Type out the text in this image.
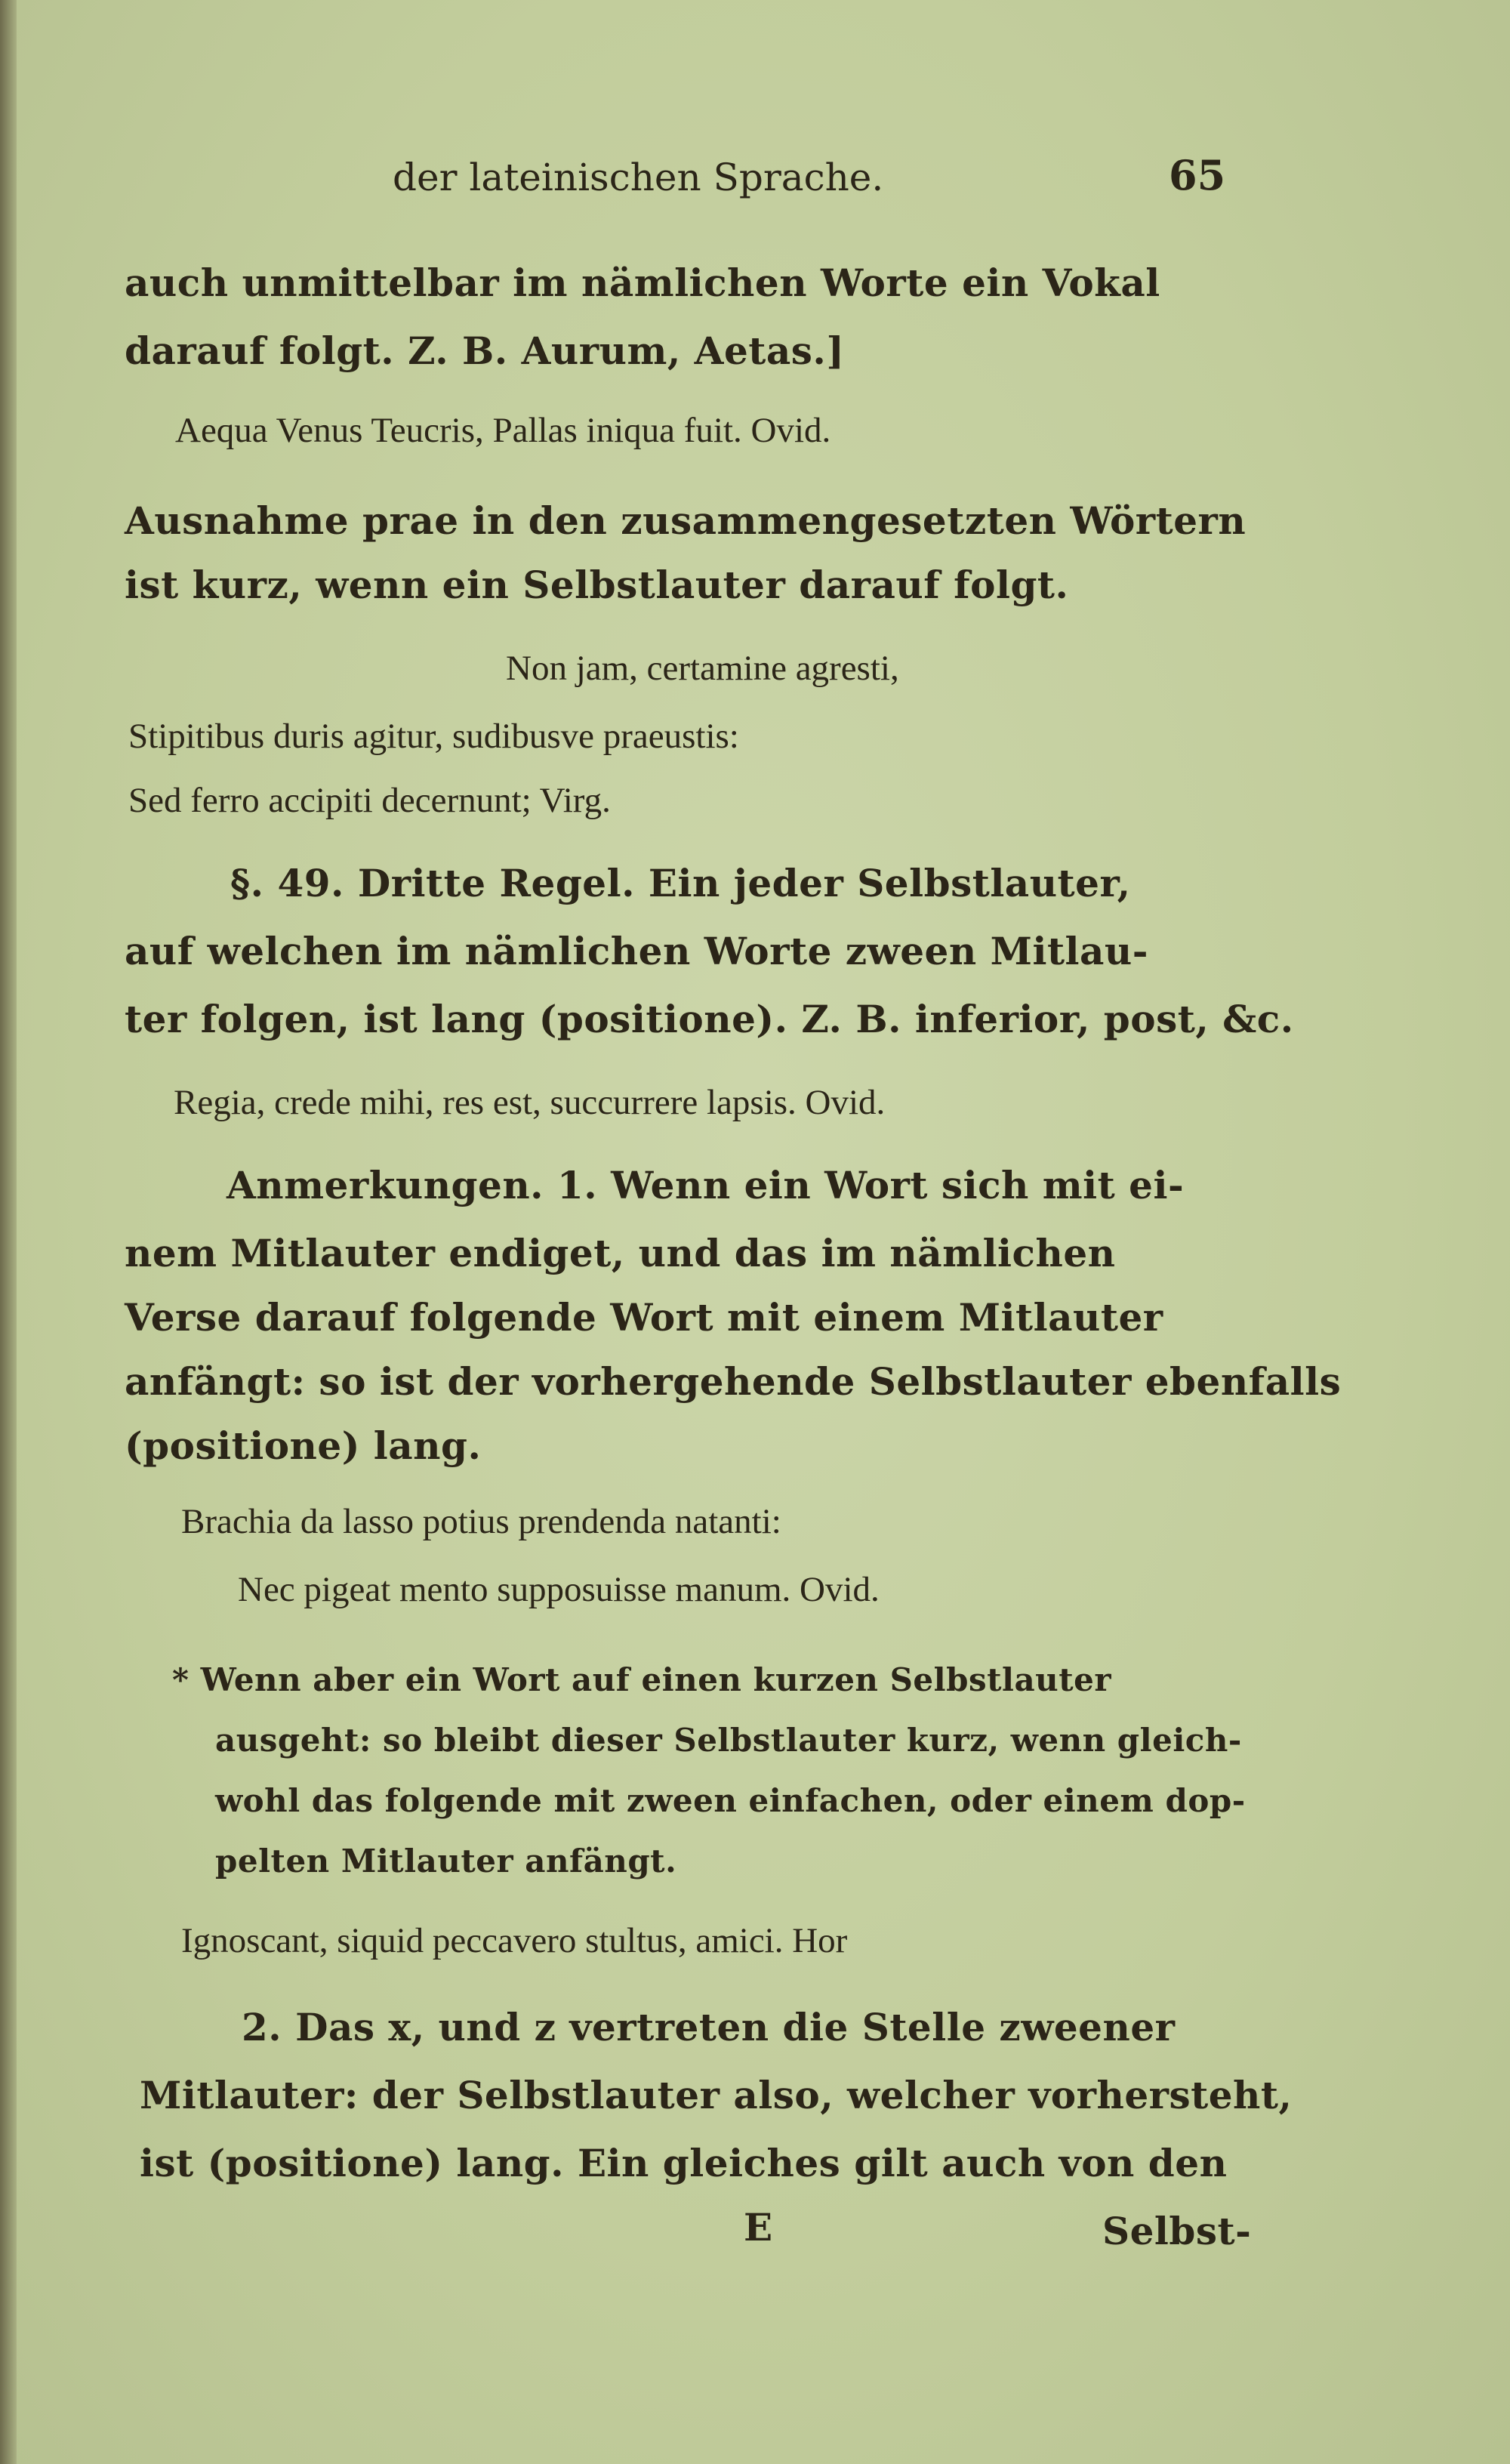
der lateinischen Sprache.	65
auch unmittelbar im nämlichen Worte ein Vokal
darauf folgt. Z. B. Aurum, Aetas.]
Aequa Venus Teucris, Pallas iniqua fuit. Ovid.
Ausnahme prae in den zusammengesetzten Wörtern
ist kurz, wenn ein Selbstlauter darauf folgt.
Non jam, certamine agresti,
Stipitibus duris agitur, sudibusve praeustis:
Sed ferro accipiti decernunt; Virg.
§. 49. Dritte Regel. Ein jeder Selbstlauter,
auf welchen im nämlichen Worte zween Mitlau-
ter folgen, ist lang (positione). Z. B. inferior, post, &c.
Regia, crede mihi, res est, succurrere lapsis. Ovid.
Anmerkungen. 1. Wenn ein Wort sich mit ei-
nem Mitlauter endiget, und das im nämlichen
Verse darauf folgende Wort mit einem Mitlauter
anfängt: so ist der vorhergehende Selbstlauter ebenfalls
(positione) lang.
Brachia da lasso potius prendenda natanti:
Nec pigeat mento supposuisse manum. Ovid.
* Wenn aber ein Wort auf einen kurzen Selbstlauter
ausgeht: so bleibt dieser Selbstlauter kurz, wenn gleich-
wohl das folgende mit zween einfachen, oder einem dop-
pelten Mitlauter anfängt.
Ignoscant, siquid peccavero stultus, amici. Hor
2. Das x, und z vertreten die Stelle zweener
Mitlauter: der Selbstlauter also, welcher vorhersteht,
ist (positione) lang. Ein gleiches gilt auch von den
E	Selbst-
